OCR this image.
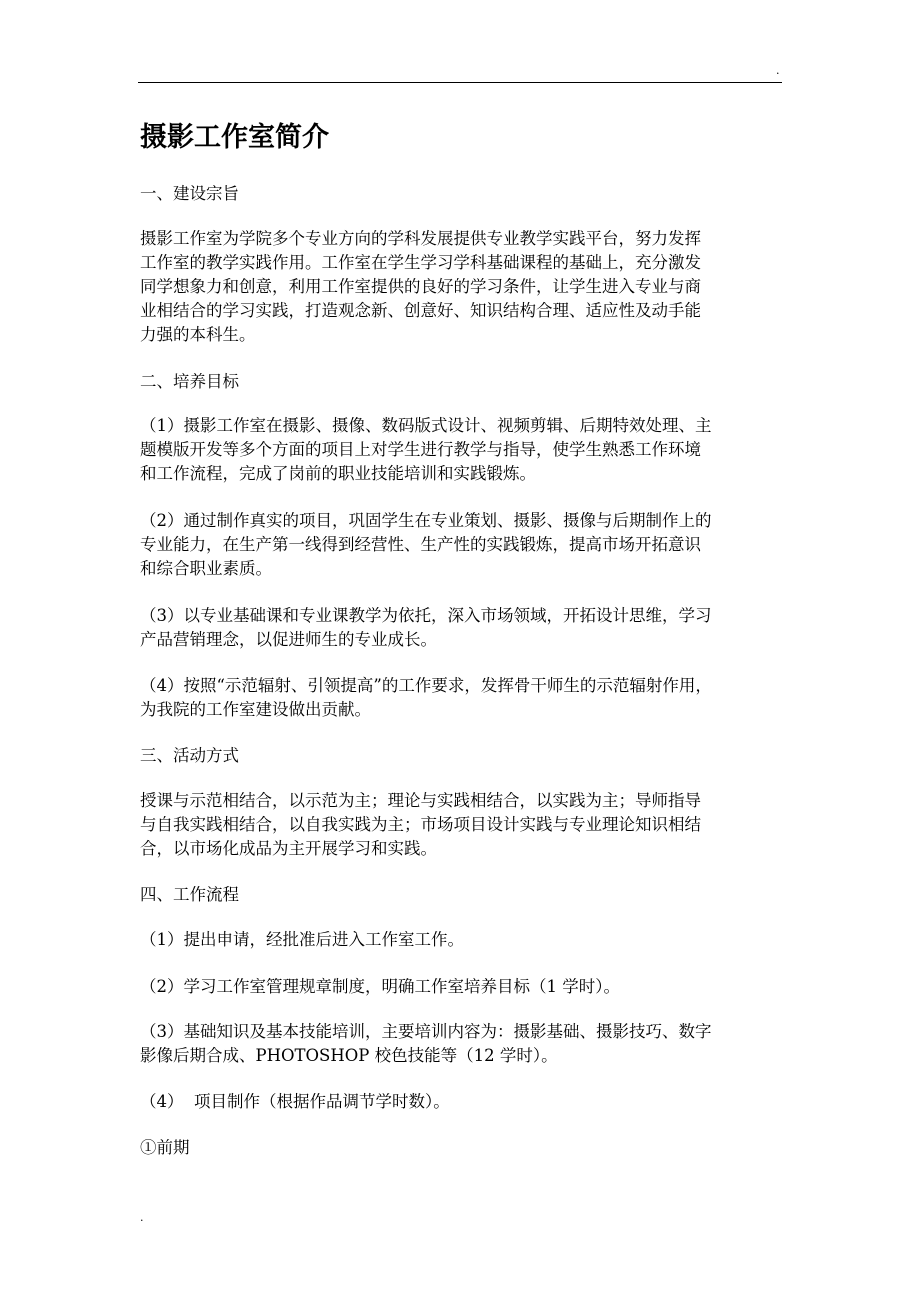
.
摄影工作室简介

一、建设宗旨

摄影工作室为学院多个专业方向的学科发展提供专业教学实践平台，努力发挥
工作室的教学实践作用。工作室在学生学习学科基础课程的基础上，充分激发
同学想象力和创意，利用工作室提供的良好的学习条件，让学生进入专业与商
业相结合的学习实践，打造观念新、创意好、知识结构合理、适应性及动手能
力强的本科生。

二、培养目标

（1）摄影工作室在摄影、摄像、数码版式设计、视频剪辑、后期特效处理、主
题模版开发等多个方面的项目上对学生进行教学与指导，使学生熟悉工作环境
和工作流程，完成了岗前的职业技能培训和实践锻炼。

（2）通过制作真实的项目，巩固学生在专业策划、摄影、摄像与后期制作上的
专业能力，在生产第一线得到经营性、生产性的实践锻炼，提高市场开拓意识
和综合职业素质。

（3）以专业基础课和专业课教学为依托，深入市场领域，开拓设计思维，学习
产品营销理念，以促进师生的专业成长。

（4）按照“示范辐射、引领提高”的工作要求，发挥骨干师生的示范辐射作用，
为我院的工作室建设做出贡献。

三、活动方式

授课与示范相结合，以示范为主；理论与实践相结合，以实践为主；导师指导
与自我实践相结合，以自我实践为主；市场项目设计实践与专业理论知识相结
合，以市场化成品为主开展学习和实践。

四、工作流程

（1）提出申请，经批准后进入工作室工作。

（2）学习工作室管理规章制度，明确工作室培养目标（1 学时）。

（3）基础知识及基本技能培训，主要培训内容为：摄影基础、摄影技巧、数字
影像后期合成、PHOTOSHOP 校色技能等（12 学时）。

（4）  项目制作（根据作品调节学时数）。

①前期

.
